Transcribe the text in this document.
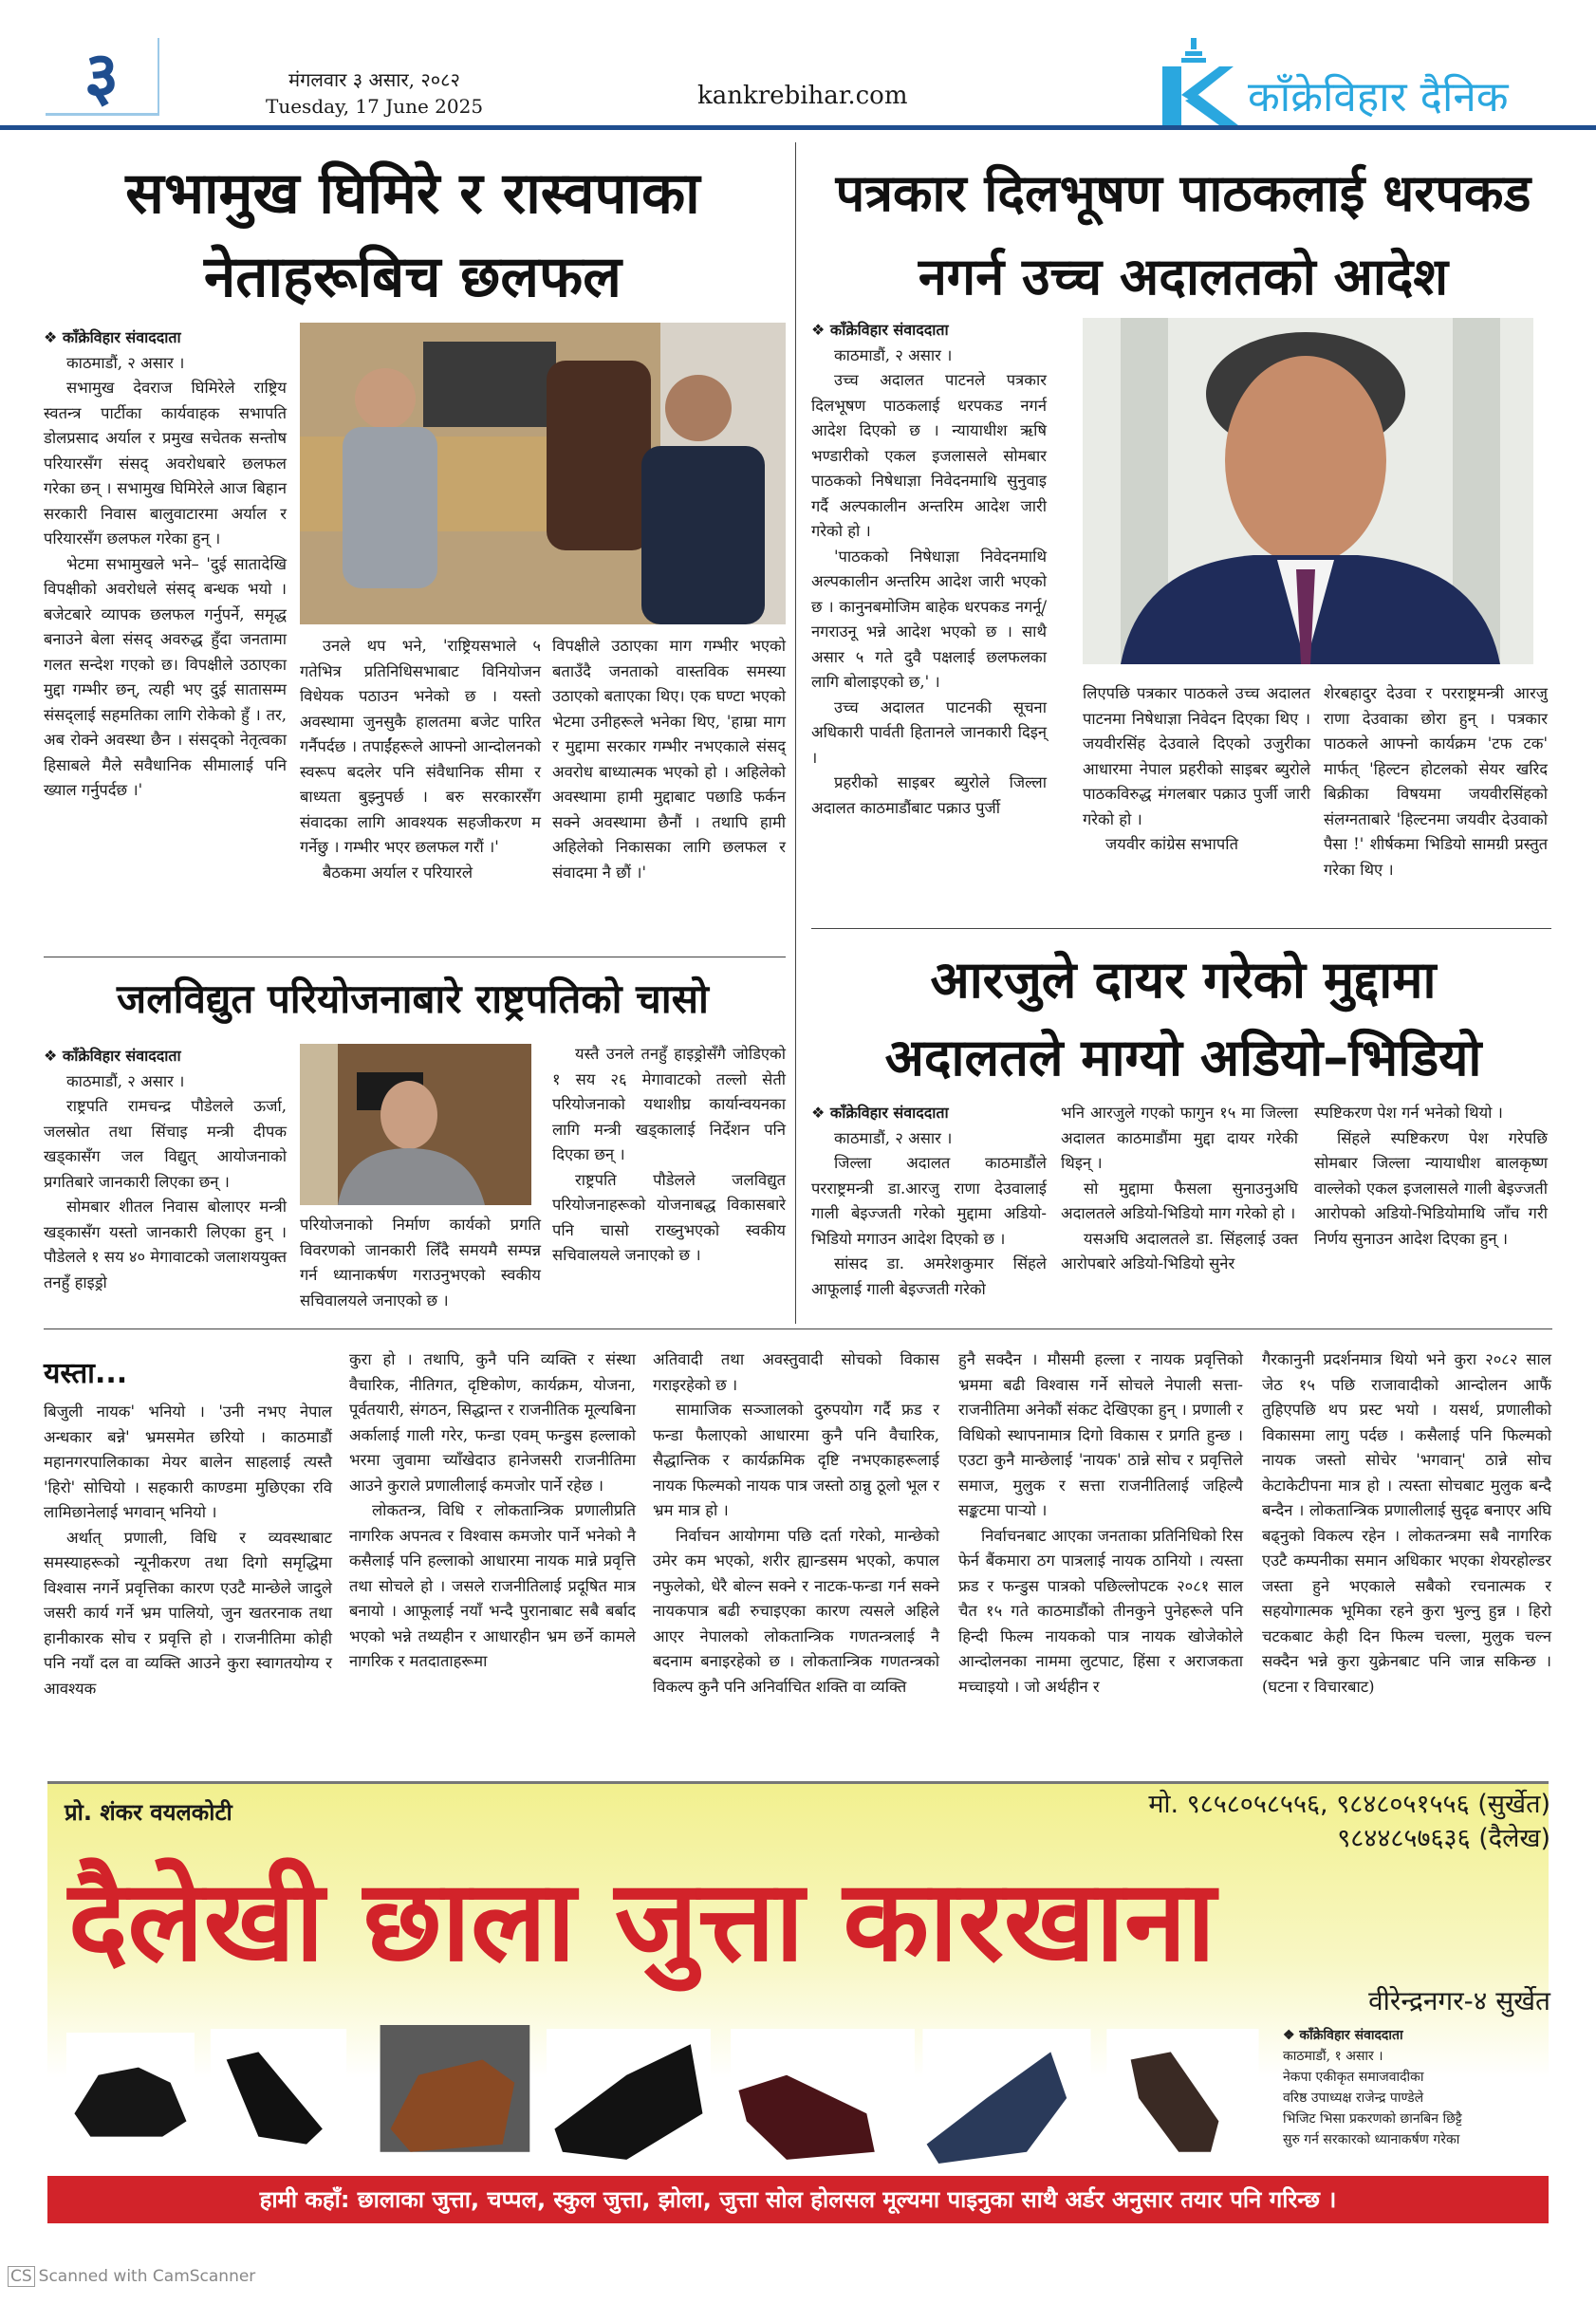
३	मंगलवार ३ असार, २०८२
Tuesday, 17 June 2025	kankrebihar.com	काँक्रेविहार दैनिक
सभामुख घिमिरे र रास्वपाका
नेताहरूबिच छलफल
❖ काँक्रेविहार संवाददाता

काठमाडौं, २ असार ।

सभामुख देवराज घिमिरेले राष्ट्रिय स्वतन्त्र पार्टीका कार्यवाहक सभापति डोलप्रसाद अर्याल र प्रमुख सचेतक सन्तोष परियारसँग संसद् अवरोधबारे छलफल गरेका छन् । सभामुख घिमिरेले आज बिहान सरकारी निवास बालुवाटारमा अर्याल र परियारसँग छलफल गरेका हुन् ।

भेटमा सभामुखले भने– 'दुई सातादेखि विपक्षीको अवरोधले संसद् बन्धक भयो । बजेटबारे व्यापक छलफल गर्नुपर्ने, समृद्ध बनाउने बेला संसद् अवरुद्ध हुँदा जनतामा गलत सन्देश गएको छ। विपक्षीले उठाएका मुद्दा गम्भीर छन्, त्यही भए दुई सातासम्म संसद्लाई सहमतिका लागि रोकेको हुँ । तर, अब रोक्ने अवस्था छैन । संसद्को नेतृत्वका हिसाबले मैले सवैधानिक सीमालाई पनि ख्याल गर्नुपर्दछ ।'

उनले थप भने, 'राष्ट्रियसभाले ५ गतेभित्र प्रतिनिधिसभाबाट विनियोजन विधेयक पठाउन भनेको छ । यस्तो अवस्थामा जुनसुकै हालतमा बजेट पारित गर्नैपर्दछ । तपाईंहरूले आफ्नो आन्दोलनको स्वरूप बदलेर पनि संवैधानिक सीमा र बाध्यता बुझ्नुपर्छ । बरु सरकारसँग संवादका लागि आवश्यक सहजीकरण म गर्नेछु । गम्भीर भएर छलफल गरौं ।'

बैठकमा अर्याल र परियारले

विपक्षीले उठाएका माग गम्भीर भएको बताउँदै जनताको वास्तविक समस्या उठाएको बताएका थिए। एक घण्टा भएको भेटमा उनीहरूले भनेका थिए, 'हाम्रा माग र मुद्दामा सरकार गम्भीर नभएकाले संसद् अवरोध बाध्यात्मक भएको हो । अहिलेको अवस्थामा हामी मुद्दाबाट पछाडि फर्कन सक्ने अवस्थामा छैनौं । तथापि हामी अहिलेको निकासका लागि छलफल र संवादमा नै छौं ।'

पत्रकार दिलभूषण पाठकलाई धरपकड
नगर्न उच्च अदालतको आदेश
❖ काँक्रेविहार संवाददाता

काठमाडौं, २ असार ।

उच्च अदालत पाटनले पत्रकार दिलभूषण पाठकलाई धरपकड नगर्न आदेश दिएको छ । न्यायाधीश ऋषि भण्डारीको एकल इजलासले सोमबार पाठकको निषेधाज्ञा निवेदनमाथि सुनुवाइ गर्दै अल्पकालीन अन्तरिम आदेश जारी गरेको हो ।

'पाठकको निषेधाज्ञा निवेदनमाथि अल्पकालीन अन्तरिम आदेश जारी भएको छ । कानुनबमोजिम बाहेक धरपकड नगर्नू/नगराउनू भन्ने आदेश भएको छ । साथै असार ५ गते दुवै पक्षलाई छलफलका लागि बोलाइएको छ,' ।

उच्च अदालत पाटनकी सूचना अधिकारी पार्वती हितानले जानकारी दिइन् ।

प्रहरीको साइबर ब्युरोले जिल्ला अदालत काठमाडौंबाट पक्राउ पुर्जी

लिएपछि पत्रकार पाठकले उच्च अदालत पाटनमा निषेधाज्ञा निवेदन दिएका थिए । जयवीरसिंह देउवाले दिएको उजुरीका आधारमा नेपाल प्रहरीको साइबर ब्युरोले पाठकविरुद्ध मंगलबार पक्राउ पुर्जी जारी गरेको हो ।

जयवीर कांग्रेस सभापति

शेरबहादुर देउवा र परराष्ट्रमन्त्री आरजु राणा देउवाका छोरा हुन् । पत्रकार पाठकले आफ्नो कार्यक्रम 'टफ टक' मार्फत् 'हिल्टन होटलको सेयर खरिद बिक्रीका विषयमा जयवीरसिंहको संलग्नताबारे 'हिल्टनमा जयवीर देउवाको पैसा !' शीर्षकमा भिडियो सामग्री प्रस्तुत गरेका थिए ।

जलविद्युत परियोजनाबारे राष्ट्रपतिको चासो
❖ काँक्रेविहार संवाददाता

काठमाडौं, २ असार ।

राष्ट्रपति रामचन्द्र पौडेलले ऊर्जा, जलस्रोत तथा सिंचाइ मन्त्री दीपक खड्कासँग जल विद्युत् आयोजनाको प्रगतिबारे जानकारी लिएका छन् ।

सोमबार शीतल निवास बोलाएर मन्त्री खड्कासँग यस्तो जानकारी लिएका हुन् । पौडेलले १ सय ४० मेगावाटको जलाशययुक्त तनहुँ हाइड्रो

परियोजनाको निर्माण कार्यको प्रगति विवरणको जानकारी लिँदै समयमै सम्पन्न गर्न ध्यानाकर्षण गराउनुभएको स्वकीय सचिवालयले जनाएको छ ।

यस्तै उनले तनहुँ हाइड्रोसँगै जोडिएको १ सय २६ मेगावाटको तल्लो सेती परियोजनाको यथाशीघ्र कार्यान्वयनका लागि मन्त्री खड्कालाई निर्देशन पनि दिएका छन् ।

राष्ट्रपति पौडेलले जलविद्युत परियोजनाहरूको योजनाबद्ध विकासबारे पनि चासो राख्नुभएको स्वकीय सचिवालयले जनाएको छ ।

आरजुले दायर गरेको मुद्दामा
अदालतले माग्यो अडियो–भिडियो
❖ काँक्रेविहार संवाददाता

काठमाडौं, २ असार ।

जिल्ला अदालत काठमाडौंले परराष्ट्रमन्त्री डा.आरजु राणा देउवालाई गाली बेइज्जती गरेको मुद्दामा अडियो-भिडियो मगाउन आदेश दिएको छ ।

सांसद डा. अमरेशकुमार सिंहले आफूलाई गाली बेइज्जती गरेको

भनि आरजुले गएको फागुन १५ मा जिल्ला अदालत काठमाडौंमा मुद्दा दायर गरेकी थिइन् ।

सो मुद्दामा फैसला सुनाउनुअघि अदालतले अडियो-भिडियो माग गरेको हो ।

यसअघि अदालतले डा. सिंहलाई उक्त आरोपबारे अडियो-भिडियो सुनेर

स्पष्टिकरण पेश गर्न भनेको थियो ।

सिंहले स्पष्टिकरण पेश गरेपछि सोमबार जिल्ला न्यायाधीश बालकृष्ण वाल्लेको एकल इजलासले गाली बेइज्जती आरोपको अडियो-भिडियोमाथि जाँच गरी निर्णय सुनाउन आदेश दिएका हुन् ।

यस्ता...

बिजुली नायक' भनियो । 'उनी नभए नेपाल अन्धकार बन्ने' भ्रमसमेत छरियो । काठमाडौं महानगरपालिकाका मेयर बालेन साहलाई त्यस्तै 'हिरो' सोचियो । सहकारी काण्डमा मुछिएका रवि लामिछानेलाई भगवान् भनियो ।

अर्थात् प्रणाली, विधि र व्यवस्थाबाट समस्याहरूको न्यूनीकरण तथा दिगो समृद्धिमा विश्वास नगर्ने प्रवृत्तिका कारण एउटै मान्छेले जादुले जसरी कार्य गर्ने भ्रम पालियो, जुन खतरनाक तथा हानीकारक सोच र प्रवृत्ति हो । राजनीतिमा कोही पनि नयाँ दल वा व्यक्ति आउने कुरा स्वागतयोग्य र आवश्यक

कुरा हो । तथापि, कुनै पनि व्यक्ति र संस्था वैचारिक, नीतिगत, दृष्टिकोण, कार्यक्रम, योजना, पूर्वतयारी, संगठन, सिद्धान्त र राजनीतिक मूल्यबिना अर्कालाई गाली गरेर, फन्डा एवम् फन्डुस हल्लाको भरमा जुवामा च्याँखेदाउ हानेजसरी राजनीतिमा आउने कुराले प्रणालीलाई कमजोर पार्ने रहेछ ।

लोकतन्त्र, विधि र लोकतान्त्रिक प्रणालीप्रति नागरिक अपनत्व र विश्वास कमजोर पार्ने भनेको नै कसैलाई पनि हल्लाको आधारमा नायक मान्ने प्रवृत्ति तथा सोचले हो । जसले राजनीतिलाई प्रदूषित मात्र बनायो । आफूलाई नयाँ भन्दै पुरानाबाट सबै बर्बाद भएको भन्ने तथ्यहीन र आधारहीन भ्रम छर्ने कामले नागरिक र मतदाताहरूमा

अतिवादी तथा अवस्तुवादी सोचको विकास गराइरहेको छ ।

सामाजिक सञ्जालको दुरुपयोग गर्दै फ्रड र फन्डा फैलाएको आधारमा कुनै पनि वैचारिक, सैद्धान्तिक र कार्यक्रमिक दृष्टि नभएकाहरूलाई नायक फिल्मको नायक पात्र जस्तो ठान्नु ठूलो भूल र भ्रम मात्र हो ।

निर्वाचन आयोगमा पछि दर्ता गरेको, मान्छेको उमेर कम भएको, शरीर ह्यान्डसम भएको, कपाल नफुलेको, धेरै बोल्न सक्ने र नाटक-फन्डा गर्न सक्ने नायकपात्र बढी रुचाइएका कारण त्यसले अहिले आएर नेपालको लोकतान्त्रिक गणतन्त्रलाई नै बदनाम बनाइरहेको छ । लोकतान्त्रिक गणतन्त्रको विकल्प कुनै पनि अनिर्वाचित शक्ति वा व्यक्ति

हुनै सक्दैन । मौसमी हल्ला र नायक प्रवृत्तिको भ्रममा बढी विश्वास गर्ने सोचले नेपाली सत्ता-राजनीतिमा अनेकौं संकट देखिएका हुन् । प्रणाली र विधिको स्थापनामात्र दिगो विकास र प्रगति हुन्छ । एउटा कुनै मान्छेलाई 'नायक' ठान्ने सोच र प्रवृत्तिले समाज, मुलुक र सत्ता राजनीतिलाई जहिल्यै सङ्कटमा पार्‍यो ।

निर्वाचनबाट आएका जनताका प्रतिनिधिको रिस फेर्न बैंकमारा ठग पात्रलाई नायक ठानियो । त्यस्ता फ्रड र फन्डुस पात्रको पछिल्लोपटक २०८१ साल चैत १५ गते काठमाडौंको तीनकुने पुनेहरूले पनि हिन्दी फिल्म नायकको पात्र नायक खोजेकोले आन्दोलनका नाममा लुटपाट, हिंसा र अराजकता मच्चाइयो । जो अर्थहीन र

गैरकानुनी प्रदर्शनमात्र थियो भने कुरा २०८२ साल जेठ १५ पछि राजावादीको आन्दोलन आफैं तुहिएपछि थप प्रस्ट भयो । यसर्थ, प्रणालीको विकासमा लागु पर्दछ । कसैलाई पनि फिल्मको नायक जस्तो सोचेर 'भगवान्' ठान्ने सोच केटाकेटीपना मात्र हो । त्यस्ता सोचबाट मुलुक बन्दै बन्दैन । लोकतान्त्रिक प्रणालीलाई सुदृढ बनाएर अघि बढ्नुको विकल्प रहेन । लोकतन्त्रमा सबै नागरिक एउटै कम्पनीका समान अधिकार भएका शेयरहोल्डर जस्ता हुने भएकाले सबैको रचनात्मक र सहयोगात्मक भूमिका रहने कुरा भुल्नु हुन्न । हिरो चटकबाट केही दिन फिल्म चल्ला, मुलुक चल्न सक्दैन भन्ने कुरा युक्रेनबाट पनि जान्न सकिन्छ । (घटना र विचारबाट)

प्रो. शंकर वयलकोटी	मो. ९८५८०५८५५६, ९८४८०५१५५६ (सुर्खेत)
९८४४८५७६३६ (दैलेख)
दैलेखी छाला जुत्ता कारखाना
वीरेन्द्रनगर-४ सुर्खेत
❖ काँक्रेविहार संवाददाता
काठमाडौं, १ असार ।
नेकपा एकीकृत समाजवादीका
वरिष्ठ उपाध्यक्ष राजेन्द्र पाण्डेले
भिजिट भिसा प्रकरणको छानबिन छिट्टै
सुरु गर्न सरकारको ध्यानाकर्षण गरेका
हामी कहाँ: छालाका जुत्ता, चप्पल, स्कुल जुत्ता, झोला, जुत्ता सोल होलसल मूल्यमा पाइनुका साथै अर्डर अनुसार तयार पनि गरिन्छ ।
CS Scanned with CamScanner
